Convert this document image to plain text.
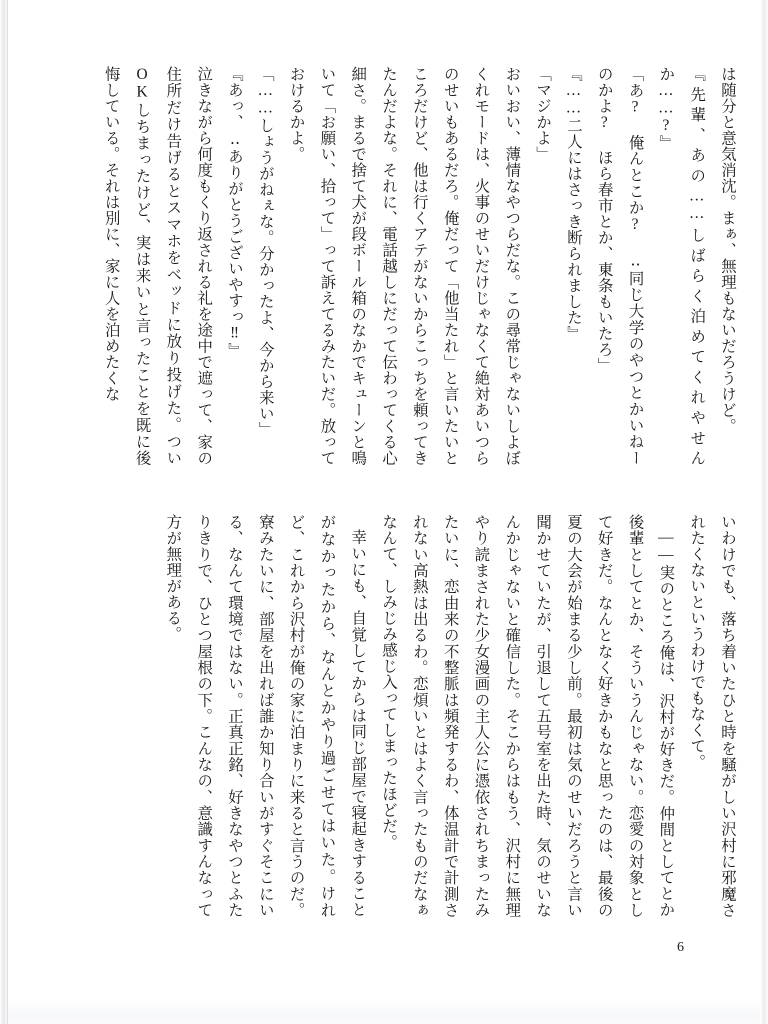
は随分と意気消沈。まぁ、無理もないだろうけど。

『先輩、あの……しばらく泊めてくれやせんか……?』

「あ? 俺んとこか? ‥同じ大学のやつとかいねーのかよ? ほら春市とか、東条もいたろ」

『……二人にはさっき断られました』

「マジかよ」

おいおい、薄情なやつらだな。この尋常じゃないしよぼくれモードは、火事のせいだけじゃなくて絶対あいつらのせいもあるだろ。俺だって「他当たれ」と言いたいところだけど、他は行くアテがないからこっちを頼ってきたんだよな。それに、電話越しにだって伝わってくる心細さ。まるで捨て犬が段ボール箱のなかでキューンと鳴いて「お願い、拾って」って訴えてるみたいだ。放っておけるかよ。

「……しょうがねぇな。分かったよ、今から来い」

『あっ、‥ありがとうございやすっ‼』

泣きながら何度もくり返される礼を途中で遮って、家の住所だけ告げるとスマホをベッドに放り投げた。ついOKしちまったけど、実は来いと言ったことを既に後悔している。それは別に、家に人を泊めたくな

いわけでも、落ち着いたひと時を騒がしい沢村に邪魔されたくないというわけでもなくて。

——実のところ俺は、沢村が好きだ。仲間としてとか後輩としてとか、そういうんじゃない。恋愛の対象として好きだ。なんとなく好きかもなと思ったのは、最後の夏の大会が始まる少し前。最初は気のせいだろうと言い聞かせていたが、引退して五号室を出た時、気のせいなんかじゃないと確信した。そこからはもう、沢村に無理やり読まされた少女漫画の主人公に憑依されちまったみたいに、恋由来の不整脈は頻発するわ、体温計で計測されない高熱は出るわ。恋煩いとはよく言ったものだなぁなんて、しみじみ感じ入ってしまったほどだ。

幸いにも、自覚してからは同じ部屋で寝起きすることがなかったから、なんとかやり過ごせてはいた。けれど、これから沢村が俺の家に泊まりに来ると言うのだ。寮みたいに、部屋を出れば誰か知り合いがすぐそこにいる、なんて環境ではない。正真正銘、好きなやつとふたりきりで、ひとつ屋根の下。こんなの、意識すんなって方が無理がある。

6
